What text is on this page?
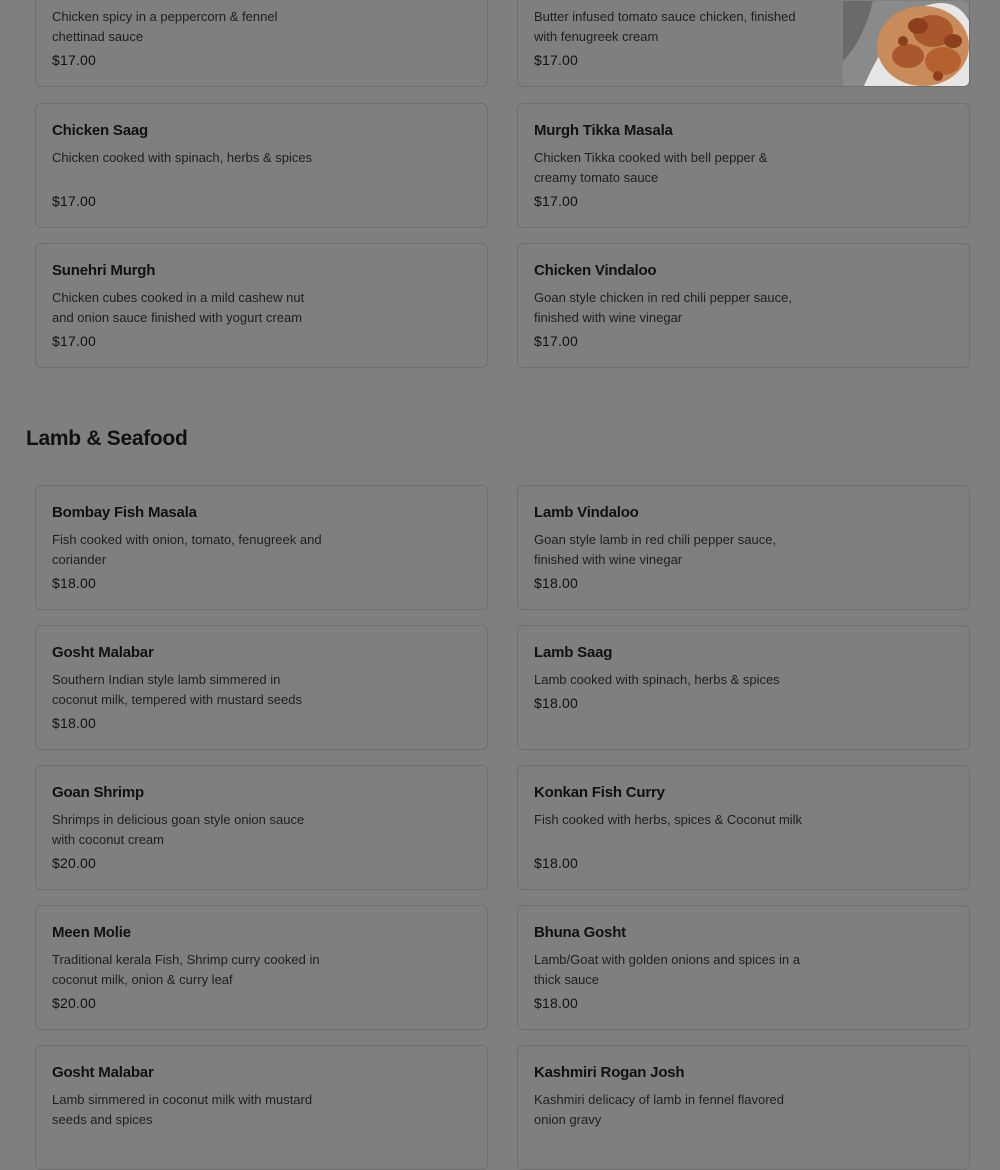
Chicken spicy in a peppercorn & fennel chettinad sauce
$17.00
Butter infused tomato sauce chicken, finished with fenugreek cream
$17.00
Chicken Saag
Chicken cooked with spinach, herbs & spices
$17.00
Murgh Tikka Masala
Chicken Tikka cooked with bell pepper & creamy tomato sauce
$17.00
Sunehri Murgh
Chicken cubes cooked in a mild cashew nut and onion sauce finished with yogurt cream
$17.00
Chicken Vindaloo
Goan style chicken in red chili pepper sauce, finished with wine vinegar
$17.00
Lamb & Seafood
Bombay Fish Masala
Fish cooked with onion, tomato, fenugreek and coriander
$18.00
Lamb Vindaloo
Goan style lamb in red chili pepper sauce, finished with wine vinegar
$18.00
Gosht Malabar
Southern Indian style lamb simmered in coconut milk, tempered with mustard seeds
$18.00
Lamb Saag
Lamb cooked with spinach, herbs & spices
$18.00
Goan Shrimp
Shrimps in delicious goan style onion sauce with coconut cream
$20.00
Konkan Fish Curry
Fish cooked with herbs, spices & Coconut milk
$18.00
Meen Molie
Traditional kerala Fish, Shrimp curry cooked in coconut milk, onion & curry leaf
$20.00
Bhuna Gosht
Lamb/Goat with golden onions and spices in a thick sauce
$18.00
Gosht Malabar
Lamb simmered in coconut milk with mustard seeds and spices
Kashmiri Rogan Josh
Kashmiri delicacy of lamb in fennel flavored onion gravy
